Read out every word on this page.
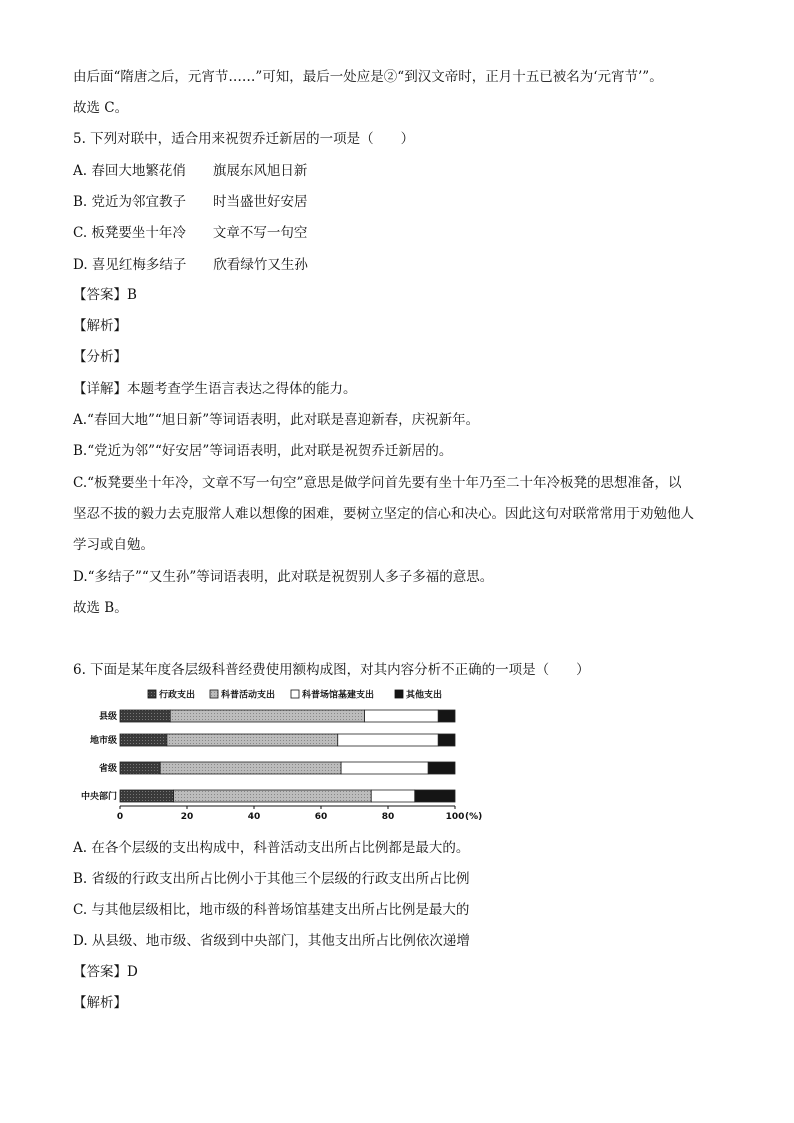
由后面“隋唐之后，元宵节……”可知，最后一处应是②“到汉文帝时，正月十五已被名为‘元宵节’”。
故选 C。
5. 下列对联中，适合用来祝贺乔迁新居的一项是（　　）
A. 春回大地繁花俏　　旗展东风旭日新
B. 党近为邻宜教子　　时当盛世好安居
C. 板凳要坐十年冷　　文章不写一句空
D. 喜见红梅多结子　　欣看绿竹又生孙
【答案】B
【解析】
【分析】
【详解】本题考查学生语言表达之得体的能力。
A.“春回大地”“旭日新”等词语表明，此对联是喜迎新春，庆祝新年。
B.“党近为邻”“好安居”等词语表明，此对联是祝贺乔迁新居的。
C.“板凳要坐十年冷，文章不写一句空”意思是做学问首先要有坐十年乃至二十年冷板凳的思想准备，以
坚忍不拔的毅力去克服常人难以想像的困难，要树立坚定的信心和决心。因此这句对联常常用于劝勉他人
学习或自勉。
D.“多结子”“又生孙”等词语表明，此对联是祝贺别人多子多福的意思。
故选 B。
6. 下面是某年度各层级科普经费使用额构成图，对其内容分析不正确的一项是（　　）
行政支出	科普活动支出	科普场馆基建支出	其他支出
县级
地市级
省级
中央部门
0	20	40	60	80	100 (%)
A. 在各个层级的支出构成中，科普活动支出所占比例都是最大的。
B. 省级的行政支出所占比例小于其他三个层级的行政支出所占比例
C. 与其他层级相比，地市级的科普场馆基建支出所占比例是最大的
D. 从县级、地市级、省级到中央部门，其他支出所占比例依次递增
【答案】D
【解析】
